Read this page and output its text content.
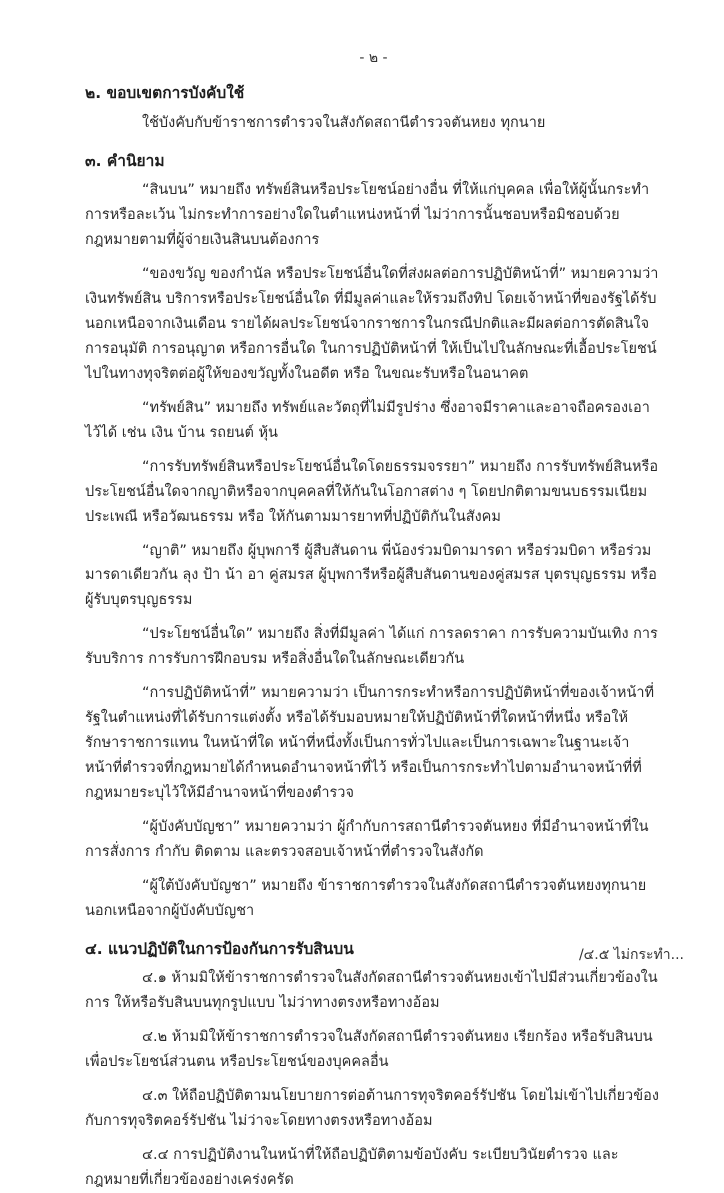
- ๒ -
๒. ขอบเขตการบังคับใช้

ใช้บังคับกับข้าราชการตำรวจในสังกัดสถานีตำรวจตันหยง ทุกนาย

๓. คำนิยาม

“สินบน” หมายถึง ทรัพย์สินหรือประโยชน์อย่างอื่น ที่ให้แก่บุคคล เพื่อให้ผู้นั้นกระทำการหรือละเว้น ไม่กระทำการอย่างใดในตำแหน่งหน้าที่ ไม่ว่าการนั้นชอบหรือมิชอบด้วยกฎหมายตามที่ผู้จ่ายเงินสินบนต้องการ

“ของขวัญ ของกำนัล หรือประโยชน์อื่นใดที่ส่งผลต่อการปฏิบัติหน้าที่” หมายความว่า เงินทรัพย์สิน บริการหรือประโยชน์อื่นใด ที่มีมูลค่าและให้รวมถึงทิป โดยเจ้าหน้าที่ของรัฐได้รับนอกเหนือจากเงินเดือน รายได้ผลประโยชน์จากราชการในกรณีปกติและมีผลต่อการตัดสินใจ การอนุมัติ การอนุญาต หรือการอื่นใด ในการปฏิบัติหน้าที่ ให้เป็นไปในลักษณะที่เอื้อประโยชน์ไปในทางทุจริตต่อผู้ให้ของขวัญทั้งในอดีต หรือ ในขณะรับหรือในอนาคต

“ทรัพย์สิน” หมายถึง ทรัพย์และวัตถุที่ไม่มีรูปร่าง ซึ่งอาจมีราคาและอาจถือครองเอาไว้ได้ เช่น เงิน บ้าน รถยนต์ หุ้น

“การรับทรัพย์สินหรือประโยชน์อื่นใดโดยธรรมจรรยา” หมายถึง การรับทรัพย์สินหรือประโยชน์อื่นใดจากญาติหรือจากบุคคลที่ให้กันในโอกาสต่าง ๆ โดยปกติตามขนบธรรมเนียม ประเพณี หรือวัฒนธรรม หรือ ให้กันตามมารยาทที่ปฏิบัติกันในสังคม

“ญาติ” หมายถึง ผู้บุพการี ผู้สืบสันดาน พี่น้องร่วมบิดามารดา หรือร่วมบิดา หรือร่วมมารดาเดียวกัน ลุง ป้า น้า อา คู่สมรส ผู้บุพการีหรือผู้สืบสันดานของคู่สมรส บุตรบุญธรรม หรือผู้รับบุตรบุญธรรม

“ประโยชน์อื่นใด” หมายถึง สิ่งที่มีมูลค่า ได้แก่ การลดราคา การรับความบันเทิง การรับบริการ การรับการฝึกอบรม หรือสิ่งอื่นใดในลักษณะเดียวกัน

“การปฏิบัติหน้าที่” หมายความว่า เป็นการกระทำหรือการปฏิบัติหน้าที่ของเจ้าหน้าที่รัฐในตำแหน่งที่ได้รับการแต่งตั้ง หรือได้รับมอบหมายให้ปฏิบัติหน้าที่ใดหน้าที่หนึ่ง หรือให้รักษาราชการแทน ในหน้าที่ใด หน้าที่หนึ่งทั้งเป็นการทั่วไปและเป็นการเฉพาะในฐานะเจ้าหน้าที่ตำรวจที่กฎหมายได้กำหนดอำนาจหน้าที่ไว้ หรือเป็นการกระทำไปตามอำนาจหน้าที่ที่กฎหมายระบุไว้ให้มีอำนาจหน้าที่ของตำรวจ

“ผู้บังคับบัญชา” หมายความว่า ผู้กำกับการสถานีตำรวจตันหยง ที่มีอำนาจหน้าที่ในการสั่งการ กำกับ ติดตาม และตรวจสอบเจ้าหน้าที่ตำรวจในสังกัด

“ผู้ใต้บังคับบัญชา” หมายถึง ข้าราชการตำรวจในสังกัดสถานีตำรวจตันหยงทุกนาย นอกเหนือจากผู้บังคับบัญชา

๔. แนวปฏิบัติในการป้องกันการรับสินบน

๔.๑ ห้ามมิให้ข้าราชการตำรวจในสังกัดสถานีตำรวจตันหยงเข้าไปมีส่วนเกี่ยวข้องในการ ให้หรือรับสินบนทุกรูปแบบ ไม่ว่าทางตรงหรือทางอ้อม

๔.๒ ห้ามมิให้ข้าราชการตำรวจในสังกัดสถานีตำรวจตันหยง เรียกร้อง หรือรับสินบน เพื่อประโยชน์ส่วนตน หรือประโยชน์ของบุคคลอื่น

๔.๓ ให้ถือปฏิบัติตามนโยบายการต่อต้านการทุจริตคอร์รัปชัน โดยไม่เข้าไปเกี่ยวข้องกับการทุจริตคอร์รัปชัน ไม่ว่าจะโดยทางตรงหรือทางอ้อม

๔.๔ การปฏิบัติงานในหน้าที่ให้ถือปฏิบัติตามข้อบังคับ ระเบียบวินัยตำรวจ และกฎหมายที่เกี่ยวข้องอย่างเคร่งครัด

/๔.๕ ไม่กระทำ...
